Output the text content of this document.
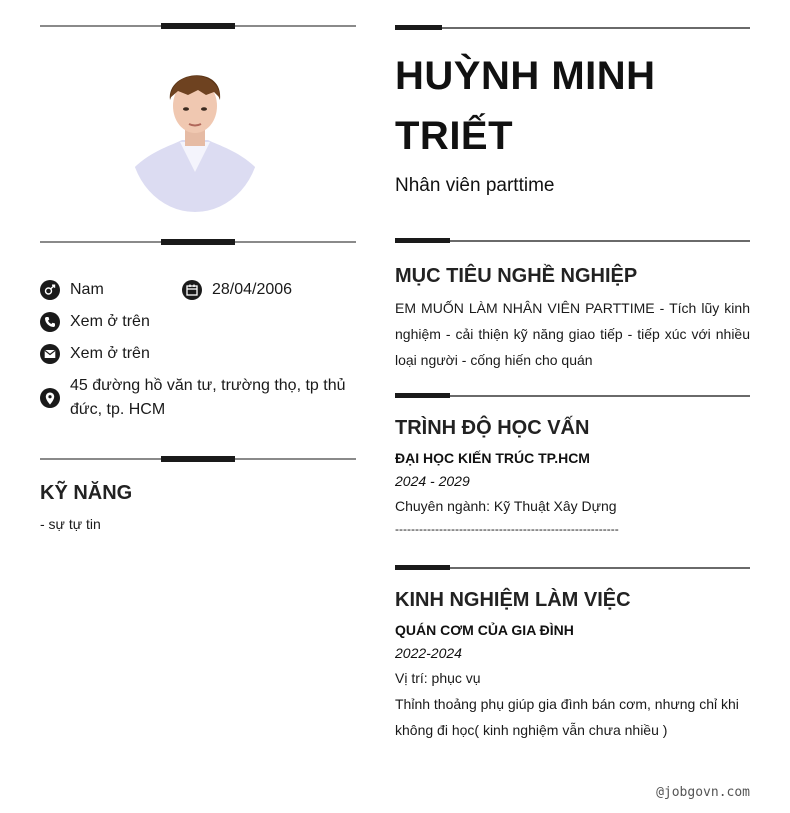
Nam	28/04/2006
Xem ở trên
Xem ở trên
45 đường hồ văn tư, trường thọ, tp thủ đức, tp. HCM
KỸ NĂNG
- sự tự tin
HUỲNH MINH TRIẾT
Nhân viên parttime
MỤC TIÊU NGHỀ NGHIỆP
EM MUỐN LÀM NHÂN VIÊN PARTTIME - Tích lũy kinh nghiệm - cải thiện kỹ năng giao tiếp - tiếp xúc với nhiều loại người - cống hiến cho quán
TRÌNH ĐỘ HỌC VẤN
ĐẠI HỌC KIẾN TRÚC TP.HCM
2024 - 2029
Chuyên ngành: Kỹ Thuật Xây Dựng
--------------------------------------------------------
KINH NGHIỆM LÀM VIỆC
QUÁN CƠM CỦA GIA ĐÌNH
2022-2024
Vị trí: phục vụ
Thỉnh thoảng phụ giúp gia đình bán cơm, nhưng chỉ khi không đi học( kinh nghiệm vẫn chưa nhiều )
@jobgovn.com
